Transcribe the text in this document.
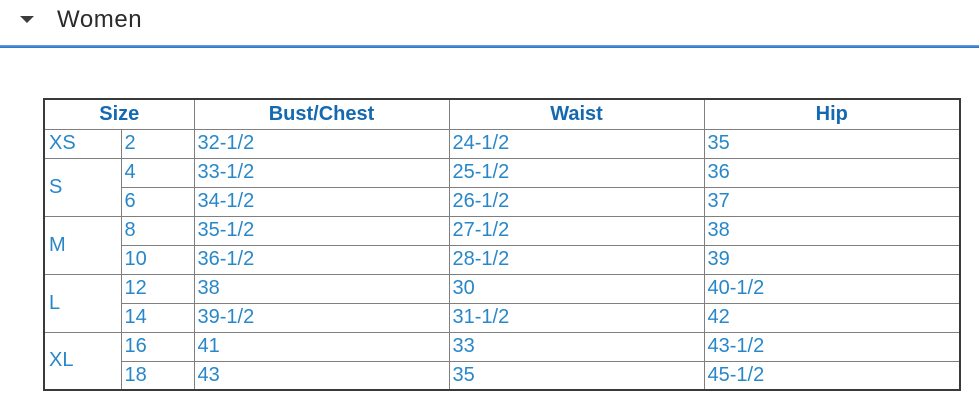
Women
Size		Bust/Chest	Waist	Hip
XS	2	32-1/2	24-1/2	35
S	4	33-1/2	25-1/2	36
	6	34-1/2	26-1/2	37
M	8	35-1/2	27-1/2	38
	10	36-1/2	28-1/2	39
L	12	38	30	40-1/2
	14	39-1/2	31-1/2	42
XL	16	41	33	43-1/2
	18	43	35	45-1/2
